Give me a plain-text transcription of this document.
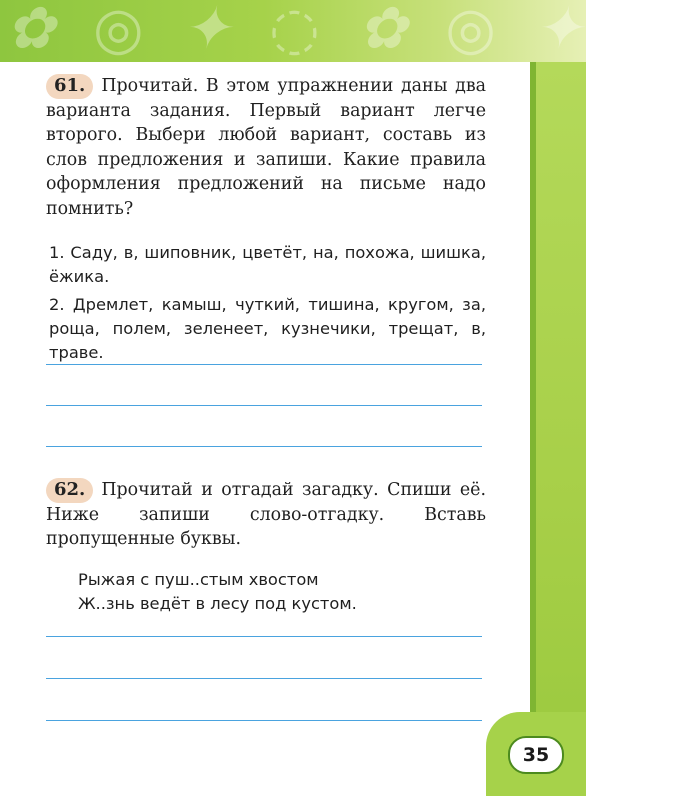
✿ ◎ ✦ ◌ ✿ ◎ ✦ ◌
35

61. Прочитай. В этом упражнении даны два варианта задания. Первый вариант легче второго. Выбери любой вариант, составь из слов предложения и запиши. Какие правила оформления предложений на письме надо помнить?

1. Саду, в, шиповник, цветёт, на, похожа, шишка, ёжика.

2. Дремлет, камыш, чуткий, тишина, кругом, за, роща, полем, зеленеет, кузнечики, трещат, в, траве.

62. Прочитай и отгадай загадку. Спиши её. Ниже запиши слово-отгадку. Вставь пропущенные буквы.

Рыжая с пуш..стым хвостом

Ж..знь ведёт в лесу под кустом.
